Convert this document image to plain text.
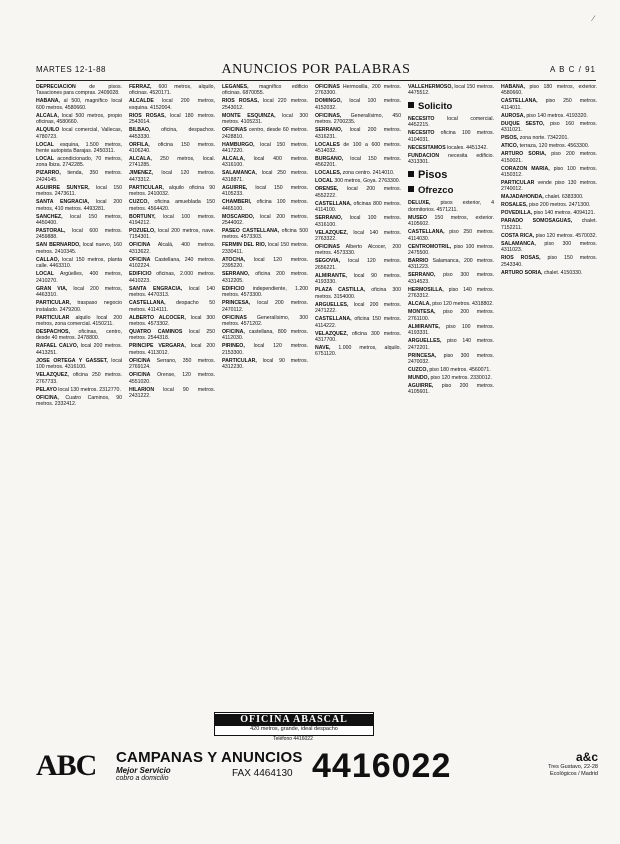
MARTES 12-1-88	ANUNCIOS POR PALABRAS	A B C / 91

DEPRECIACION de pisos. Tasaciones para compras. 2409028.

HABANA, al 500, magnífico local 600 metros. 4580660.

ALCALA, local 500 metros, propio oficinas, 4580660.

ALQUILO local comercial, Vallecas, 4780723.

LOCAL esquina, 1.500 metros, frente autopista Barajas. 2450311.

LOCAL acondicionado, 70 metros, zona Ibiza. 2742285.

PIZARRO, tienda, 350 metros. 2424145.

AGUIRRE SUNYER, local 150 metros. 2473611.

SANTA ENGRACIA, local 200 metros, 410 metros. 4493281.

SANCHEZ, local 150 metros, 4450400.

PASTORAL, local 600 metros. 2459888.

SAN BERNARDO, local nuevo, 160 metros. 2410345.

CALLAO, local 150 metros, planta calle. 4463310.

LOCAL Argüelles, 400 metros, 2410270.

GRAN VIA, local 200 metros, 4463310.

PARTICULAR, traspaso negocio instalado. 2479200.

PARTICULAR alquilo local 200 metros, zona comercial. 4150211.

DESPACHOS, oficinas, centro, desde 40 metros. 2478800.

RAFAEL CALVO, local 200 metros. 4413251.

JOSE ORTEGA Y GASSET, local 100 metros. 4316100.

VELAZQUEZ, oficina 250 metros. 2767733.

PELAYO local 130 metros. 2312770.

OFICINA, Cuatro Caminos, 90 metros. 2332412.

FERRAZ, 600 metros, alquilo, oficinas. 4520171.

ALCALDE local 200 metros, esquina. 4152004.

RIOS ROSAS, local 180 metros. 2543014.

BILBAO, oficina, despachos. 4453330.

ORFILA, oficina 150 metros. 4106240.

ALCALA, 250 metros, local. 2741285.

JIMENEZ, local 120 metros. 4473312.

PARTICULAR, alquilo oficina 90 metros. 2410032.

CUZCO, oficina amueblada 150 metros. 4564420.

BORTUNY, local 100 metros. 4194212.

POZUELO, local 200 metros, nave. 7154301.

OFICINA Alcalá, 400 metros. 4313622.

OFICINA Castellana, 240 metros. 4102224.

EDIFICIO oficinas, 2.000 metros. 4410223.

SANTA ENGRACIA, local 140 metros. 4470313.

CASTELLANA, despacho 50 metros. 4114111.

ALBERTO ALCOCER, local 300 metros. 4573302.

QUATRO CAMINOS local 250 metros. 2544318.

PRINCIPE VERGARA, local 200 metros. 4113012.

OFICINA Serrano, 350 metros. 2769124.

OFICINA Orense, 120 metros. 4551020.

HILARION local 90 metros. 2431222.

LEGANES, magnífico edificio oficinas. 6870055.

RIOS ROSAS, local 220 metros. 2543012.

MONTE ESQUINZA, local 300 metros. 4105231.

OFICINAS centro, desde 60 metros. 2428810.

HAMBURGO, local 150 metros. 4417220.

ALCALA, local 400 metros. 4316100.

SALAMANCA, local 250 metros. 4318871.

AGUIRRE, local 150 metros. 4105233.

CHAMBERI, oficina 100 metros. 4465100.

MOSCARDO, local 200 metros. 2544002.

PASEO CASTELLANA, oficina 500 metros. 4573303.

FERMIN DEL RIO, local 150 metros. 2330411.

ATOCHA, local 120 metros. 2395220.

SERRANO, oficina 200 metros. 4312205.

EDIFICIO independiente, 1.200 metros. 4573300.

PRINCESA, local 200 metros. 2470112.

OFICINAS Generalísimo, 300 metros. 4571202.

OFICINA, castellana, 800 metros. 4112030.

PIRINEO, local 120 metros. 2153300.

PARTICULAR, local 90 metros. 4312230.

OFICINAS Hermosilla, 200 metros. 2763300.

DOMINGO, local 100 metros. 4152032.

OFICINAS, Generalísimo, 450 metros. 2700235.

SERRANO, local 200 metros. 4316231.

LOCALES de 100 a 600 metros. 4514032.

BURGANO, local 150 metros. 4562201.

LOCALES, zona centro. 2414010.

LOCAL 300 metros, Goya. 2763300.

ORENSE, local 200 metros. 4552222.

CASTELLANA, oficinas 800 metros. 4114100.

SERRANO, local 100 metros. 4316100.

VELAZQUEZ, local 140 metros. 2763322.

OFICINAS Alberto Alcocer, 200 metros. 4573330.

SEGOVIA, local 120 metros. 2656221.

ALMIRANTE, local 90 metros. 4193330.

PLAZA CASTILLA, oficina 300 metros. 3154000.

ARGUELLES, local 200 metros. 2471222.

CASTELLANA, oficina 150 metros. 4114222.

VELAZQUEZ, oficina 300 metros. 4317700.

NAVE, 1.000 metros, alquilo. 6751120.

VALLEHERMOSO, local 150 metros. 4475512.

Solicito

NECESITO local comercial. 4452215.

NECESITO oficina 100 metros. 4104031.

NECESITAMOS locales. 4451342.

FUNDACION necesita edificio. 4313301.

Pisos
Ofrezco

DELUXE, pisos exterior, 4 dormitorios. 4571211.

MUSEO 150 metros, exterior. 4105602.

CASTELLANA, piso 250 metros. 4114030.

CENTROMOTRIL, piso 100 metros. 2475500.

BARRIO Salamanca, 200 metros. 4311223.

SERRANO, piso 300 metros. 4314523.

HERMOSILLA, piso 140 metros. 2763312.

ALCALA, piso 120 metros. 4318802.

MONTESA, piso 200 metros. 2761100.

ALMIRANTE, piso 100 metros. 4193331.

ARGUELLES, piso 140 metros. 2472201.

PRINCESA, piso 300 metros. 2470032.

CUZCO, piso 180 metros. 4560071.

MUNDO, piso 120 metros. 2330012.

AGUIRRE, piso 200 metros. 4105601.

HABANA, piso 180 metros, exterior. 4580660.

CASTELLANA, piso 250 metros. 4114011.

AUROSA, piso 140 metros. 4193320.

DUQUE SESTO, piso 160 metros. 4311021.

PISOS, zona norte. 7342201.

ATICO, terraza, 120 metros. 4563300.

ARTURO SORIA, piso 200 metros. 4150021.

CORAZON MARIA, piso 100 metros. 4150312.

PARTICULAR vende piso 130 metros. 2740012.

MAJADAHONDA, chalet. 6383300.

ROSALES, piso 200 metros. 2471300.

POVEDILLA, piso 140 metros. 4094121.

PARADO SOMOSAGUAS, chalet. 7152211.

COSTA RICA, piso 120 metros. 4570032.

SALAMANCA, piso 300 metros. 4311023.

RIOS ROSAS, piso 150 metros. 2543340.

ARTURO SORIA, chalet. 4150330.

OFICINA ABASCAL
420 metros, grande, ideal despacho
Teléfono 4416022
ABC CAMPANAS Y ANUNCIOS
Mejor Servicio
cobro a domicilio	FAX 4464130 4416022	a&c
Tres Gustavo, 22-28 Ecológicos / Madrid
⁄
